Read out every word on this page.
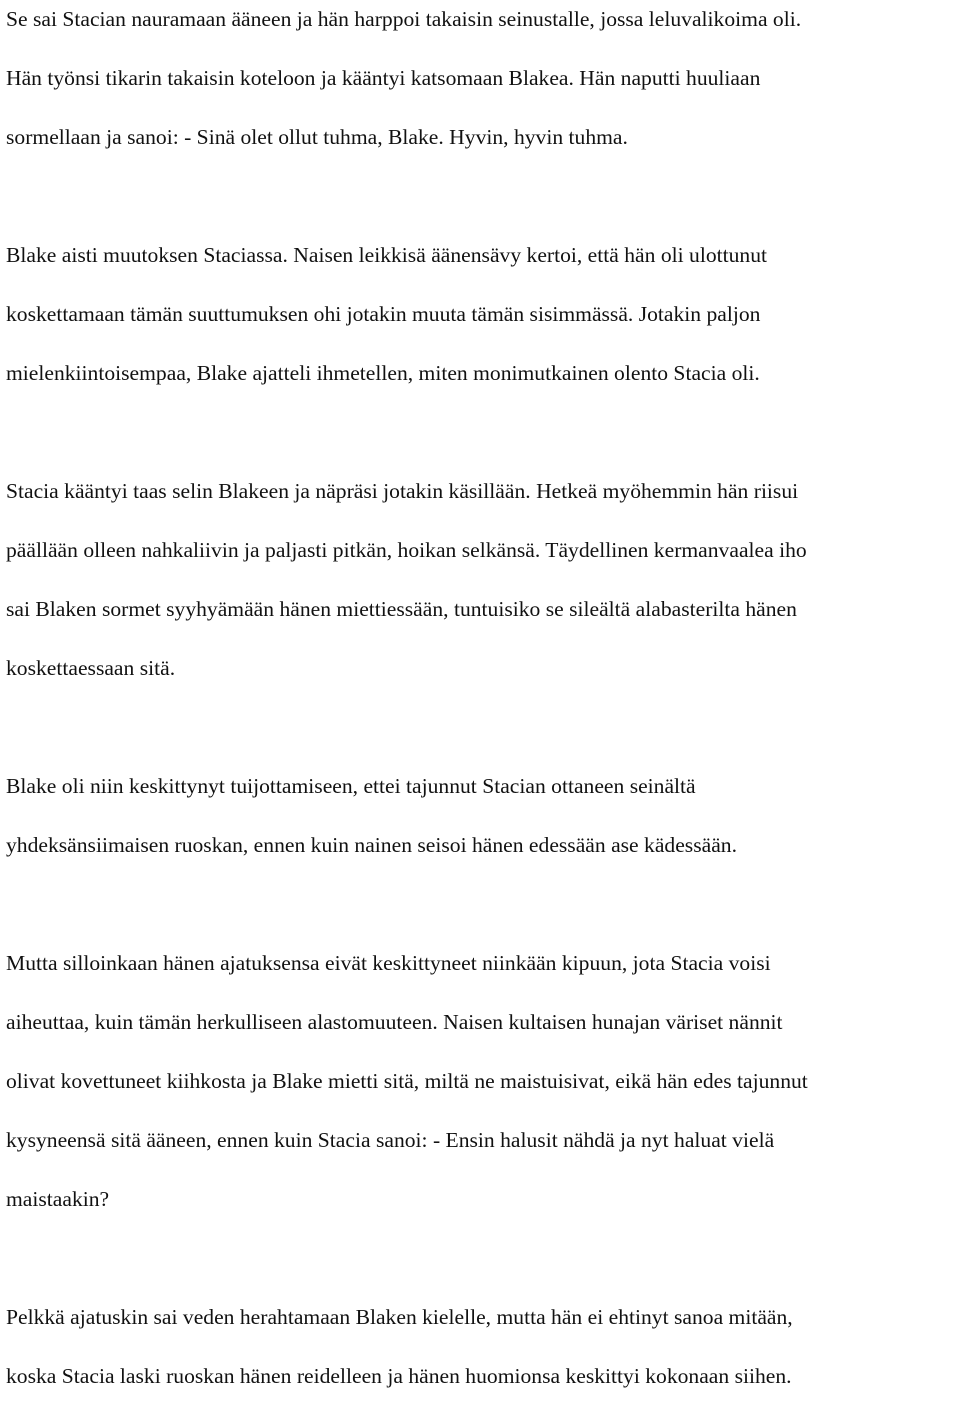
Se sai Stacian nauramaan ääneen ja hän harppoi takaisin seinustalle, jossa leluvalikoima oli.
Hän työnsi tikarin takaisin koteloon ja kääntyi katsomaan Blakea. Hän naputti huuliaan
sormellaan ja sanoi: - Sinä olet ollut tuhma, Blake. Hyvin, hyvin tuhma.
Blake aisti muutoksen Staciassa. Naisen leikkisä äänensävy kertoi, että hän oli ulottunut
koskettamaan tämän suuttumuksen ohi jotakin muuta tämän sisimmässä. Jotakin paljon
mielenkiintoisempaa, Blake ajatteli ihmetellen, miten monimutkainen olento Stacia oli.
Stacia kääntyi taas selin Blakeen ja näpräsi jotakin käsillään. Hetkeä myöhemmin hän riisui
päällään olleen nahkaliivin ja paljasti pitkän, hoikan selkänsä. Täydellinen kermanvaalea iho
sai Blaken sormet syyhyämään hänen miettiessään, tuntuisiko se sileältä alabasterilta hänen
koskettaessaan sitä.
Blake oli niin keskittynyt tuijottamiseen, ettei tajunnut Stacian ottaneen seinältä
yhdeksänsiimaisen ruoskan, ennen kuin nainen seisoi hänen edessään ase kädessään.
Mutta silloinkaan hänen ajatuksensa eivät keskittyneet niinkään kipuun, jota Stacia voisi
aiheuttaa, kuin tämän herkulliseen alastomuuteen. Naisen kultaisen hunajan väriset nännit
olivat kovettuneet kiihkosta ja Blake mietti sitä, miltä ne maistuisivat, eikä hän edes tajunnut
kysyneensä sitä ääneen, ennen kuin Stacia sanoi: - Ensin halusit nähdä ja nyt haluat vielä
maistaakin?
Pelkkä ajatuskin sai veden herahtamaan Blaken kielelle, mutta hän ei ehtinyt sanoa mitään,
koska Stacia laski ruoskan hänen reidelleen ja hänen huomionsa keskittyi kokonaan siihen.
